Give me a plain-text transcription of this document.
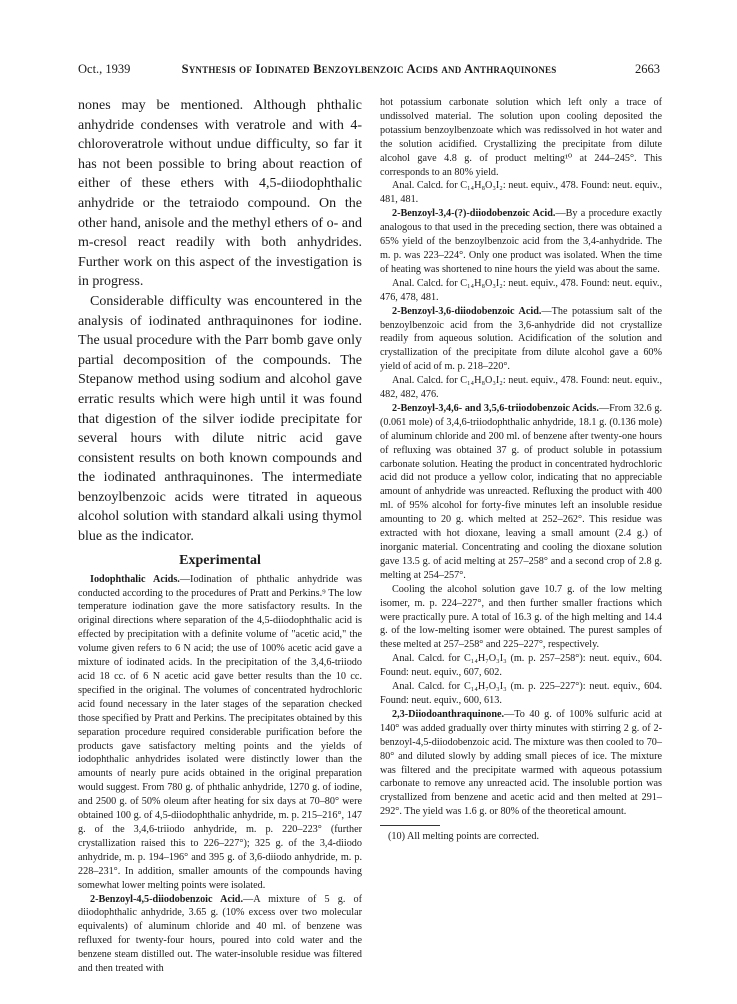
Oct., 1939	Synthesis of Iodinated Benzoylbenzoic Acids and Anthraquinones	2663

nones may be mentioned. Although phthalic anhydride condenses with veratrole and with 4-chloroveratrole without undue difficulty, so far it has not been possible to bring about reaction of either of these ethers with 4,5-diiodophthalic anhydride or the tetraiodo compound. On the other hand, anisole and the methyl ethers of o- and m-cresol react readily with both anhydrides. Further work on this aspect of the investigation is in progress.

Considerable difficulty was encountered in the analysis of iodinated anthraquinones for iodine. The usual procedure with the Parr bomb gave only partial decomposition of the compounds. The Stepanow method using sodium and alcohol gave erratic results which were high until it was found that digestion of the silver iodide precipitate for several hours with dilute nitric acid gave consistent results on both known compounds and the iodinated anthraquinones. The intermediate benzoylbenzoic acids were titrated in aqueous alcohol solution with standard alkali using thymol blue as the indicator.

Experimental

Iodophthalic Acids.—Iodination of phthalic anhydride was conducted according to the procedures of Pratt and Perkins.⁹ The low temperature iodination gave the more satisfactory results. In the original directions where separation of the 4,5-diiodophthalic acid is effected by precipitation with a definite volume of "acetic acid," the volume given refers to 6 N acid; the use of 100% acetic acid gave a mixture of iodinated acids. In the precipitation of the 3,4,6-triiodo acid 18 cc. of 6 N acetic acid gave better results than the 10 cc. specified in the original. The volumes of concentrated hydrochloric acid found necessary in the later stages of the separation checked those specified by Pratt and Perkins. The precipitates obtained by this separation procedure required considerable purification before the products gave satisfactory melting points and the yields of iodophthalic anhydrides isolated were distinctly lower than the amounts of nearly pure acids obtained in the original preparation would suggest. From 780 g. of phthalic anhydride, 1270 g. of iodine, and 2500 g. of 50% oleum after heating for six days at 70–80° were obtained 100 g. of 4,5-diiodophthalic anhydride, m. p. 215–216°, 147 g. of the 3,4,6-triiodo anhydride, m. p. 220–223° (further crystallization raised this to 226–227°); 325 g. of the 3,4-diiodo anhydride, m. p. 194–196° and 395 g. of 3,6-diiodo anhydride, m. p. 228–231°. In addition, smaller amounts of the compounds having somewhat lower melting points were isolated.

2-Benzoyl-4,5-diiodobenzoic Acid.—A mixture of 5 g. of diiodophthalic anhydride, 3.65 g. (10% excess over two molecular equivalents) of aluminum chloride and 40 ml. of benzene was refluxed for twenty-four hours, poured into cold water and the benzene steam distilled out. The water-insoluble residue was filtered and then treated with

hot potassium carbonate solution which left only a trace of undissolved material. The solution upon cooling deposited the potassium benzoylbenzoate which was redissolved in hot water and the solution acidified. Crystallizing the precipitate from dilute alcohol gave 4.8 g. of product melting¹⁰ at 244–245°. This corresponds to an 80% yield.

Anal. Calcd. for C₁₄H₈O₃I₂: neut. equiv., 478. Found: neut. equiv., 481, 481.

2-Benzoyl-3,4-(?)-diiodobenzoic Acid.—By a procedure exactly analogous to that used in the preceding section, there was obtained a 65% yield of the benzoylbenzoic acid from the 3,4-anhydride. The m. p. was 223–224°. Only one product was isolated. When the time of heating was shortened to nine hours the yield was about the same.

Anal. Calcd. for C₁₄H₈O₃I₂: neut. equiv., 478. Found: neut. equiv., 476, 478, 481.

2-Benzoyl-3,6-diiodobenzoic Acid.—The potassium salt of the benzoylbenzoic acid from the 3,6-anhydride did not crystallize readily from aqueous solution. Acidification of the solution and crystallization of the precipitate from dilute alcohol gave a 60% yield of acid of m. p. 218–220°.

Anal. Calcd. for C₁₄H₈O₃I₂: neut. equiv., 478. Found: neut. equiv., 482, 482, 476.

2-Benzoyl-3,4,6- and 3,5,6-triiodobenzoic Acids.—From 32.6 g. (0.061 mole) of 3,4,6-triiodophthalic anhydride, 18.1 g. (0.136 mole) of aluminum chloride and 200 ml. of benzene after twenty-one hours of refluxing was obtained 37 g. of product soluble in potassium carbonate solution. Heating the product in concentrated hydrochloric acid did not produce a yellow color, indicating that no appreciable amount of anhydride was unreacted. Refluxing the product with 400 ml. of 95% alcohol for forty-five minutes left an insoluble residue amounting to 20 g. which melted at 252–262°. This residue was extracted with hot dioxane, leaving a small amount (2.4 g.) of inorganic material. Concentrating and cooling the dioxane solution gave 13.5 g. of acid melting at 257–258° and a second crop of 2.8 g. melting at 254–257°.

Cooling the alcohol solution gave 10.7 g. of the low melting isomer, m. p. 224–227°, and then further smaller fractions which were practically pure. A total of 16.3 g. of the high melting and 14.4 g. of the low-melting isomer were obtained. The purest samples of these melted at 257–258° and 225–227°, respectively.

Anal. Calcd. for C₁₄H₇O₃I₃ (m. p. 257–258°): neut. equiv., 604. Found: neut. equiv., 607, 602.

Anal. Calcd. for C₁₄H₇O₃I₃ (m. p. 225–227°): neut. equiv., 604. Found: neut. equiv., 600, 613.

2,3-Diiodoanthraquinone.—To 40 g. of 100% sulfuric acid at 140° was added gradually over thirty minutes with stirring 2 g. of 2-benzoyl-4,5-diiodobenzoic acid. The mixture was then cooled to 70–80° and diluted slowly by adding small pieces of ice. The mixture was filtered and the precipitate warmed with aqueous potassium carbonate to remove any unreacted acid. The insoluble portion was crystallized from benzene and acetic acid and then melted at 291–292°. The yield was 1.6 g. or 80% of the theoretical amount.

(10) All melting points are corrected.
